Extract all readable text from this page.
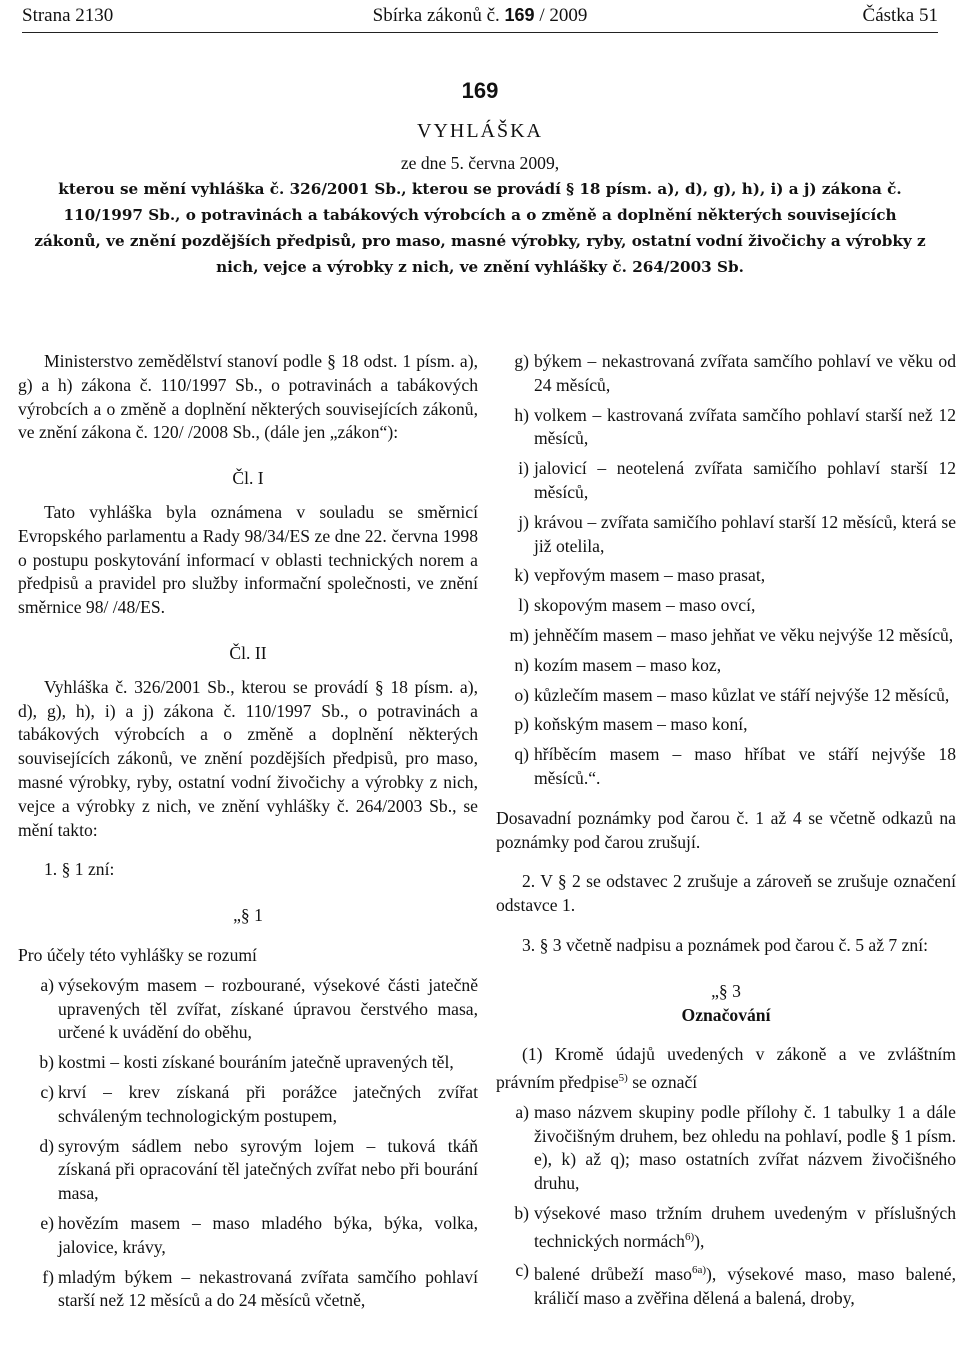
Strana 2130	Sbírka zákonů č. 169 / 2009	Částka 51
169
VYHLÁŠKA
ze dne 5. června 2009,
kterou se mění vyhláška č. 326/2001 Sb., kterou se provádí § 18 písm. a), d), g), h), i) a j) zákona č. 110/1997 Sb., o potravinách a tabákových výrobcích a o změně a doplnění některých souvisejících zákonů, ve znění pozdějších předpisů, pro maso, masné výrobky, ryby, ostatní vodní živočichy a výrobky z nich, vejce a výrobky z nich, ve znění vyhlášky č. 264/2003 Sb.

Ministerstvo zemědělství stanoví podle § 18 odst. 1 písm. a), g) a h) zákona č. 110/1997 Sb., o potravinách a tabákových výrobcích a o změně a doplnění některých souvisejících zákonů, ve znění zákona č. 120/ /2008 Sb., (dále jen „zákon“):

Čl. I

Tato vyhláška byla oznámena v souladu se směrnicí Evropského parlamentu a Rady 98/34/ES ze dne 22. června 1998 o postupu poskytování informací v oblasti technických norem a předpisů a pravidel pro služby informační společnosti, ve znění směrnice 98/ /48/ES.

Čl. II

Vyhláška č. 326/2001 Sb., kterou se provádí § 18 písm. a), d), g), h), i) a j) zákona č. 110/1997 Sb., o potravinách a tabákových výrobcích a o změně a doplnění některých souvisejících zákonů, ve znění pozdějších předpisů, pro maso, masné výrobky, ryby, ostatní vodní živočichy a výrobky z nich, vejce a výrobky z nich, ve znění vyhlášky č. 264/2003 Sb., se mění takto:

1. § 1 zní:

„§ 1

Pro účely této vyhlášky se rozumí

a) výsekovým masem – rozbourané, výsekové části jatečně upravených těl zvířat, získané úpravou čerstvého masa, určené k uvádění do oběhu,
b) kostmi – kosti získané bouráním jatečně upravených těl,
c) krví – krev získaná při porážce jatečných zvířat schváleným technologickým postupem,
d) syrovým sádlem nebo syrovým lojem – tuková tkáň získaná při opracování těl jatečných zvířat nebo při bourání masa,
e) hovězím masem – maso mladého býka, býka, volka, jalovice, krávy,
f) mladým býkem – nekastrovaná zvířata samčího pohlaví starší než 12 měsíců a do 24 měsíců včetně,
g) býkem – nekastrovaná zvířata samčího pohlaví ve věku od 24 měsíců,
h) volkem – kastrovaná zvířata samčího pohlaví starší než 12 měsíců,
i) jalovicí – neotelená zvířata samičího pohlaví starší 12 měsíců,
j) krávou – zvířata samičího pohlaví starší 12 měsíců, která se již otelila,
k) vepřovým masem – maso prasat,
l) skopovým masem – maso ovcí,
m) jehněčím masem – maso jehňat ve věku nejvýše 12 měsíců,
n) kozím masem – maso koz,
o) kůzlečím masem – maso kůzlat ve stáří nejvýše 12 měsíců,
p) koňským masem – maso koní,
q) hříběcím masem – maso hříbat ve stáří nejvýše 18 měsíců.“.

Dosavadní poznámky pod čarou č. 1 až 4 se včetně odkazů na poznámky pod čarou zrušují.

2. V § 2 se odstavec 2 zrušuje a zároveň se zrušuje označení odstavce 1.

3. § 3 včetně nadpisu a poznámek pod čarou č. 5 až 7 zní:

„§ 3

Označování

(1) Kromě údajů uvedených v zákoně a ve zvláštním právním předpise$^{5)}$ se označí

a) maso názvem skupiny podle přílohy č. 1 tabulky 1 a dále živočišným druhem, bez ohledu na pohlaví, podle § 1 písm. e), k) až q); maso ostatních zvířat názvem živočišného druhu,
b) výsekové maso tržním druhem uvedeným v příslušných technických normách$^{6)}$),
c) balené drůbeží maso$^{6a)}$), výsekové maso, maso balené, králičí maso a zvěřina dělená a balená, droby,
